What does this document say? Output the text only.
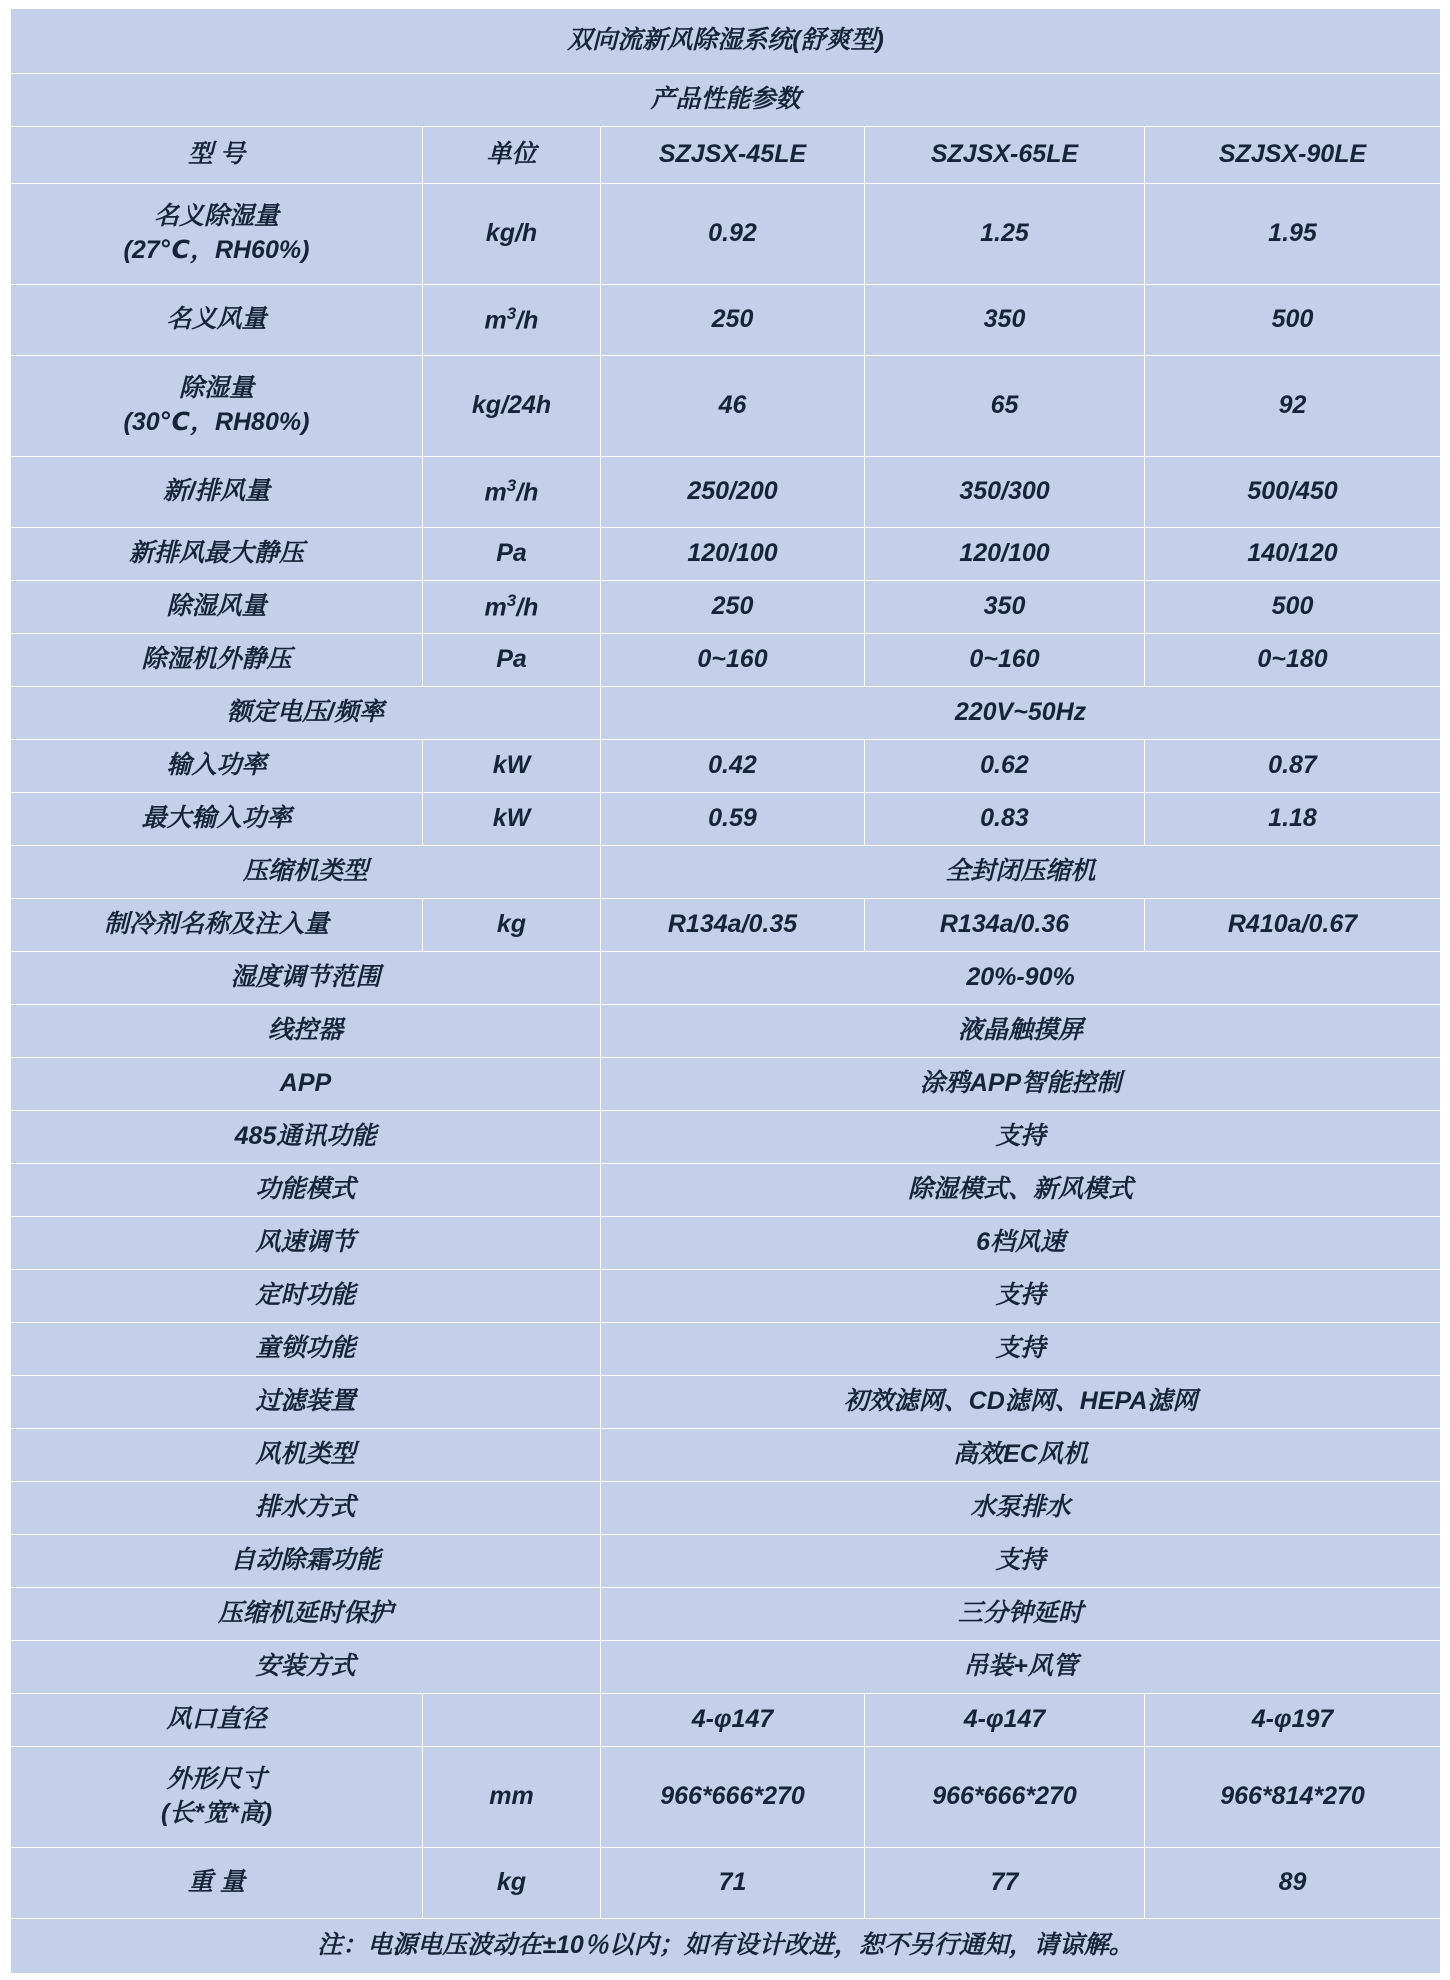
双向流新风除湿系统(舒爽型)				
产品性能参数				
型 号	单位	SZJSX-45LE	SZJSX-65LE	SZJSX-90LE

名义除湿量
(27℃，RH60%)	kg/h	0.92	1.25	1.95
名义风量	$m^3/h$	250	350	500

除湿量
(30℃，RH80%)	kg/24h	46	65	92
新/排风量	$m^3/h$	250/200	350/300	500/450
新排风最大静压	Pa	120/100	120/100	140/120
除湿风量	$m^3/h$	250	350	500
除湿机外静压	Pa	0~160	0~160	0~180
额定电压/频率		220V~50Hz		
输入功率	kW	0.42	0.62	0.87
最大输入功率	kW	0.59	0.83	1.18
压缩机类型		全封闭压缩机		
制冷剂名称及注入量	kg	R134a/0.35	R134a/0.36	R410a/0.67
湿度调节范围		20%-90%		
线控器		液晶触摸屏		
APP		涂鸦APP智能控制		
485通讯功能		支持		
功能模式		除湿模式、新风模式		
风速调节		6档风速		
定时功能		支持		
童锁功能		支持		
过滤装置		初效滤网、CD滤网、HEPA滤网		
风机类型		高效EC风机		
排水方式		水泵排水		
自动除霜功能		支持		
压缩机延时保护		三分钟延时		
安装方式		吊装+风管		
风口直径		4-φ147	4-φ147	4-φ197

外形尺寸
(长*宽*高)	mm	966*666*270	966*666*270	966*814*270
重 量	kg	71	77	89
注：电源电压波动在±10％以内；如有设计改进，恕不另行通知，请谅解。				
